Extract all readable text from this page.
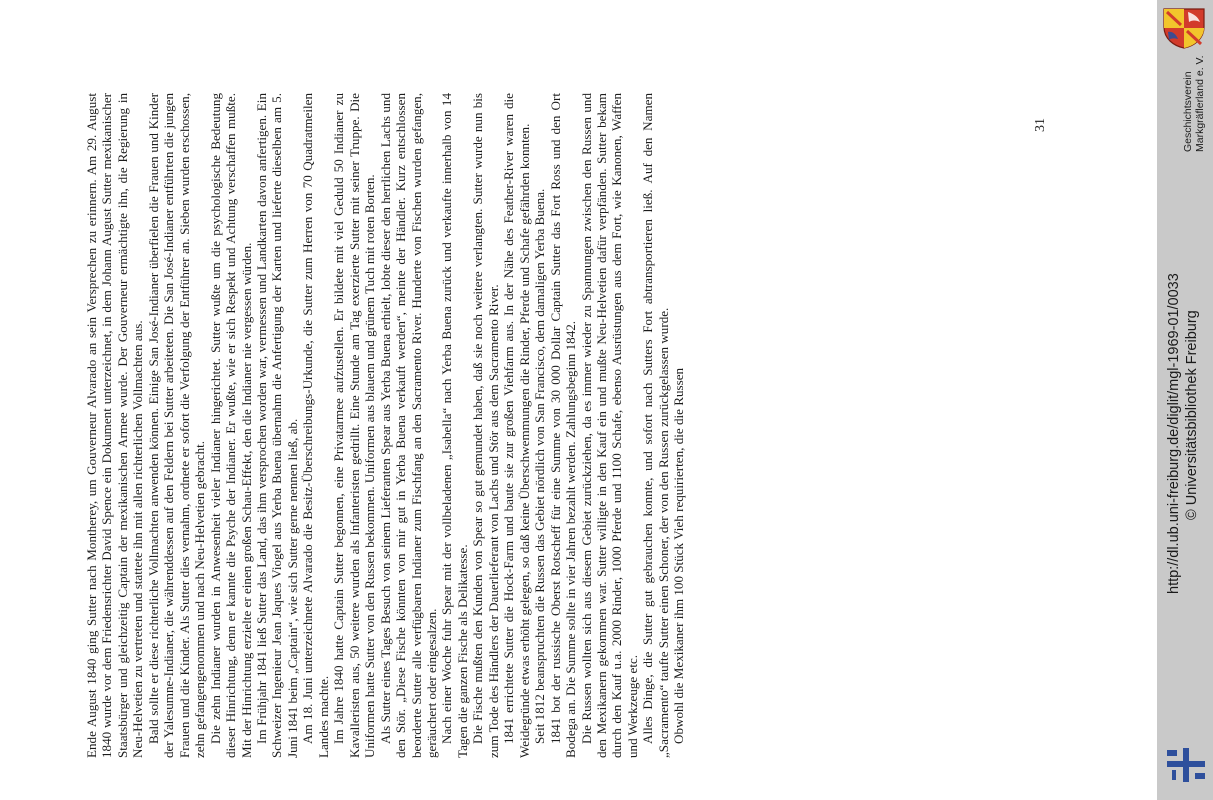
Ende August 1840 ging Sutter nach Montherey, um Gouverneur Alvarado an sein Versprechen zu erinnern. Am 29. August 1840 wurde vor dem Friedensrichter David Spence ein Dokument unterzeichnet, in dem Johann August Sutter mexikanischer Staatsbürger und gleichzeitig Captain der mexikanischen Armee wurde. Der Gouverneur ermächtigte ihn, die Regierung in Neu-Helvetien zu vertreten und stattete ihn mit allen richterlichen Vollmachten aus. Bald sollte er diese richterliche Vollmachten anwenden können. Einige San José-Indianer überfielen die Frauen und Kinder der Yalesumne-Indianer, die währenddessen auf den Feldern bei Sutter arbeiteten. Die San José-Indianer entführten die jungen Frauen und die Kinder. Als Sutter dies vernahm, ordnete er sofort die Verfolgung der Entführer an. Sieben wurden erschossen, zehn gefangengenommen und nach Neu-Helvetien gebracht. Die zehn Indianer wurden in Anwesenheit vieler Indianer hingerichtet. Sutter wußte um die psychologische Bedeutung dieser Hinrichtung, denn er kannte die Psyche der Indianer. Er wußte, wie er sich Respekt und Achtung verschaffen mußte. Mit der Hinrichtung erzielte er einen großen Schau-Effekt, den die Indianer nie vergessen würden. Im Frühjahr 1841 ließ Sutter das Land, das ihm versprochen worden war, vermessen und Landkarten davon anfertigen. Ein Schweizer Ingenieur Jean Jaques Viogel aus Yerba Buena übernahm die Anfertigung der Karten und lieferte dieselben am 5. Juni 1841 beim „Captain“, wie sich Sutter gerne nennen ließ, ab. Am 18. Juni unterzeichnete Alvarado die Besitz-Überschreibungs-Urkunde, die Sutter zum Herren von 70 Quadratmeilen Landes machte. Im Jahre 1840 hatte Captain Sutter begonnen, eine Privatarmee aufzustellen. Er bildete mit viel Geduld 50 Indianer zu Kavalleristen aus, 50 weitere wurden als Infanteristen gedrillt. Eine Stunde am Tag exerzierte Sutter mit seiner Truppe. Die Uniformen hatte Sutter von den Russen bekommen. Uniformen aus blauem und grünem Tuch mit roten Borten. Als Sutter eines Tages Besuch von seinem Lieferanten Spear aus Yerba Buena erhielt, lobte dieser den herrlichen Lachs und den Stör. „Diese Fische könnten von mir gut in Yerba Buena verkauft werden“, meinte der Händler. Kurz entschlossen beorderte Sutter alle verfügbaren Indianer zum Fischfang an den Sacramento River. Hunderte von Fischen wurden gefangen, geräuchert oder eingesalzen. Nach einer Woche fuhr Spear mit der vollbeladenen „Isabella“ nach Yerba Buena zurück und verkaufte innerhalb von 14 Tagen die ganzen Fische als Delikatesse. Die Fische mußten den Kunden von Spear so gut gemundet haben, daß sie noch weitere verlangten. Sutter wurde nun bis zum Tode des Händlers der Dauerlieferant von Lachs und Stör aus dem Sacramento River. 1841 errichtete Sutter die Hock-Farm und baute sie zur großen Viehfarm aus. In der Nähe des Feather-River waren die Weidegründe etwas erhöht gelegen, so daß keine Überschwemmungen die Rinder, Pferde und Schafe gefährden konnten. Seit 1812 beanspruchten die Russen das Gebiet nördlich von San Francisco, dem damaligen Yerba Buena. 1841 bot der russische Oberst Rotscheff für eine Summe von 30 000 Dollar Captain Sutter das Fort Ross und den Ort Bodega an. Die Summe sollte in vier Jahren bezahlt werden. Zahlungsbeginn 1842. Die Russen wollten sich aus diesem Gebiet zurückziehen, da es immer wieder zu Spannungen zwischen den Russen und den Mexikanern gekommen war. Sutter willigte in den Kauf ein und mußte Neu-Helvetien dafür verpfänden. Sutter bekam durch den Kauf u.a. 2000 Rinder, 1000 Pferde und 1100 Schafe, ebenso Ausrüstungen aus dem Fort, wie Kanonen, Waffen und Werkzeuge etc. Alles Dinge, die Sutter gut gebrauchen konnte, und sofort nach Sutters Fort abtransportieren ließ. Auf den Namen „Sacramento“ taufte Sutter einen Schoner, der von den Russen zurückgelassen wurde. Obwohl die Mexikaner ihm 100 Stück Vieh requirierten, die die Russen

31	Geschichtsverein Markgräflerland e. V.
http://dl.ub.uni-freiburg.de/diglit/mgl-1969-01/0033 © Universitätsbibliothek Freiburg
